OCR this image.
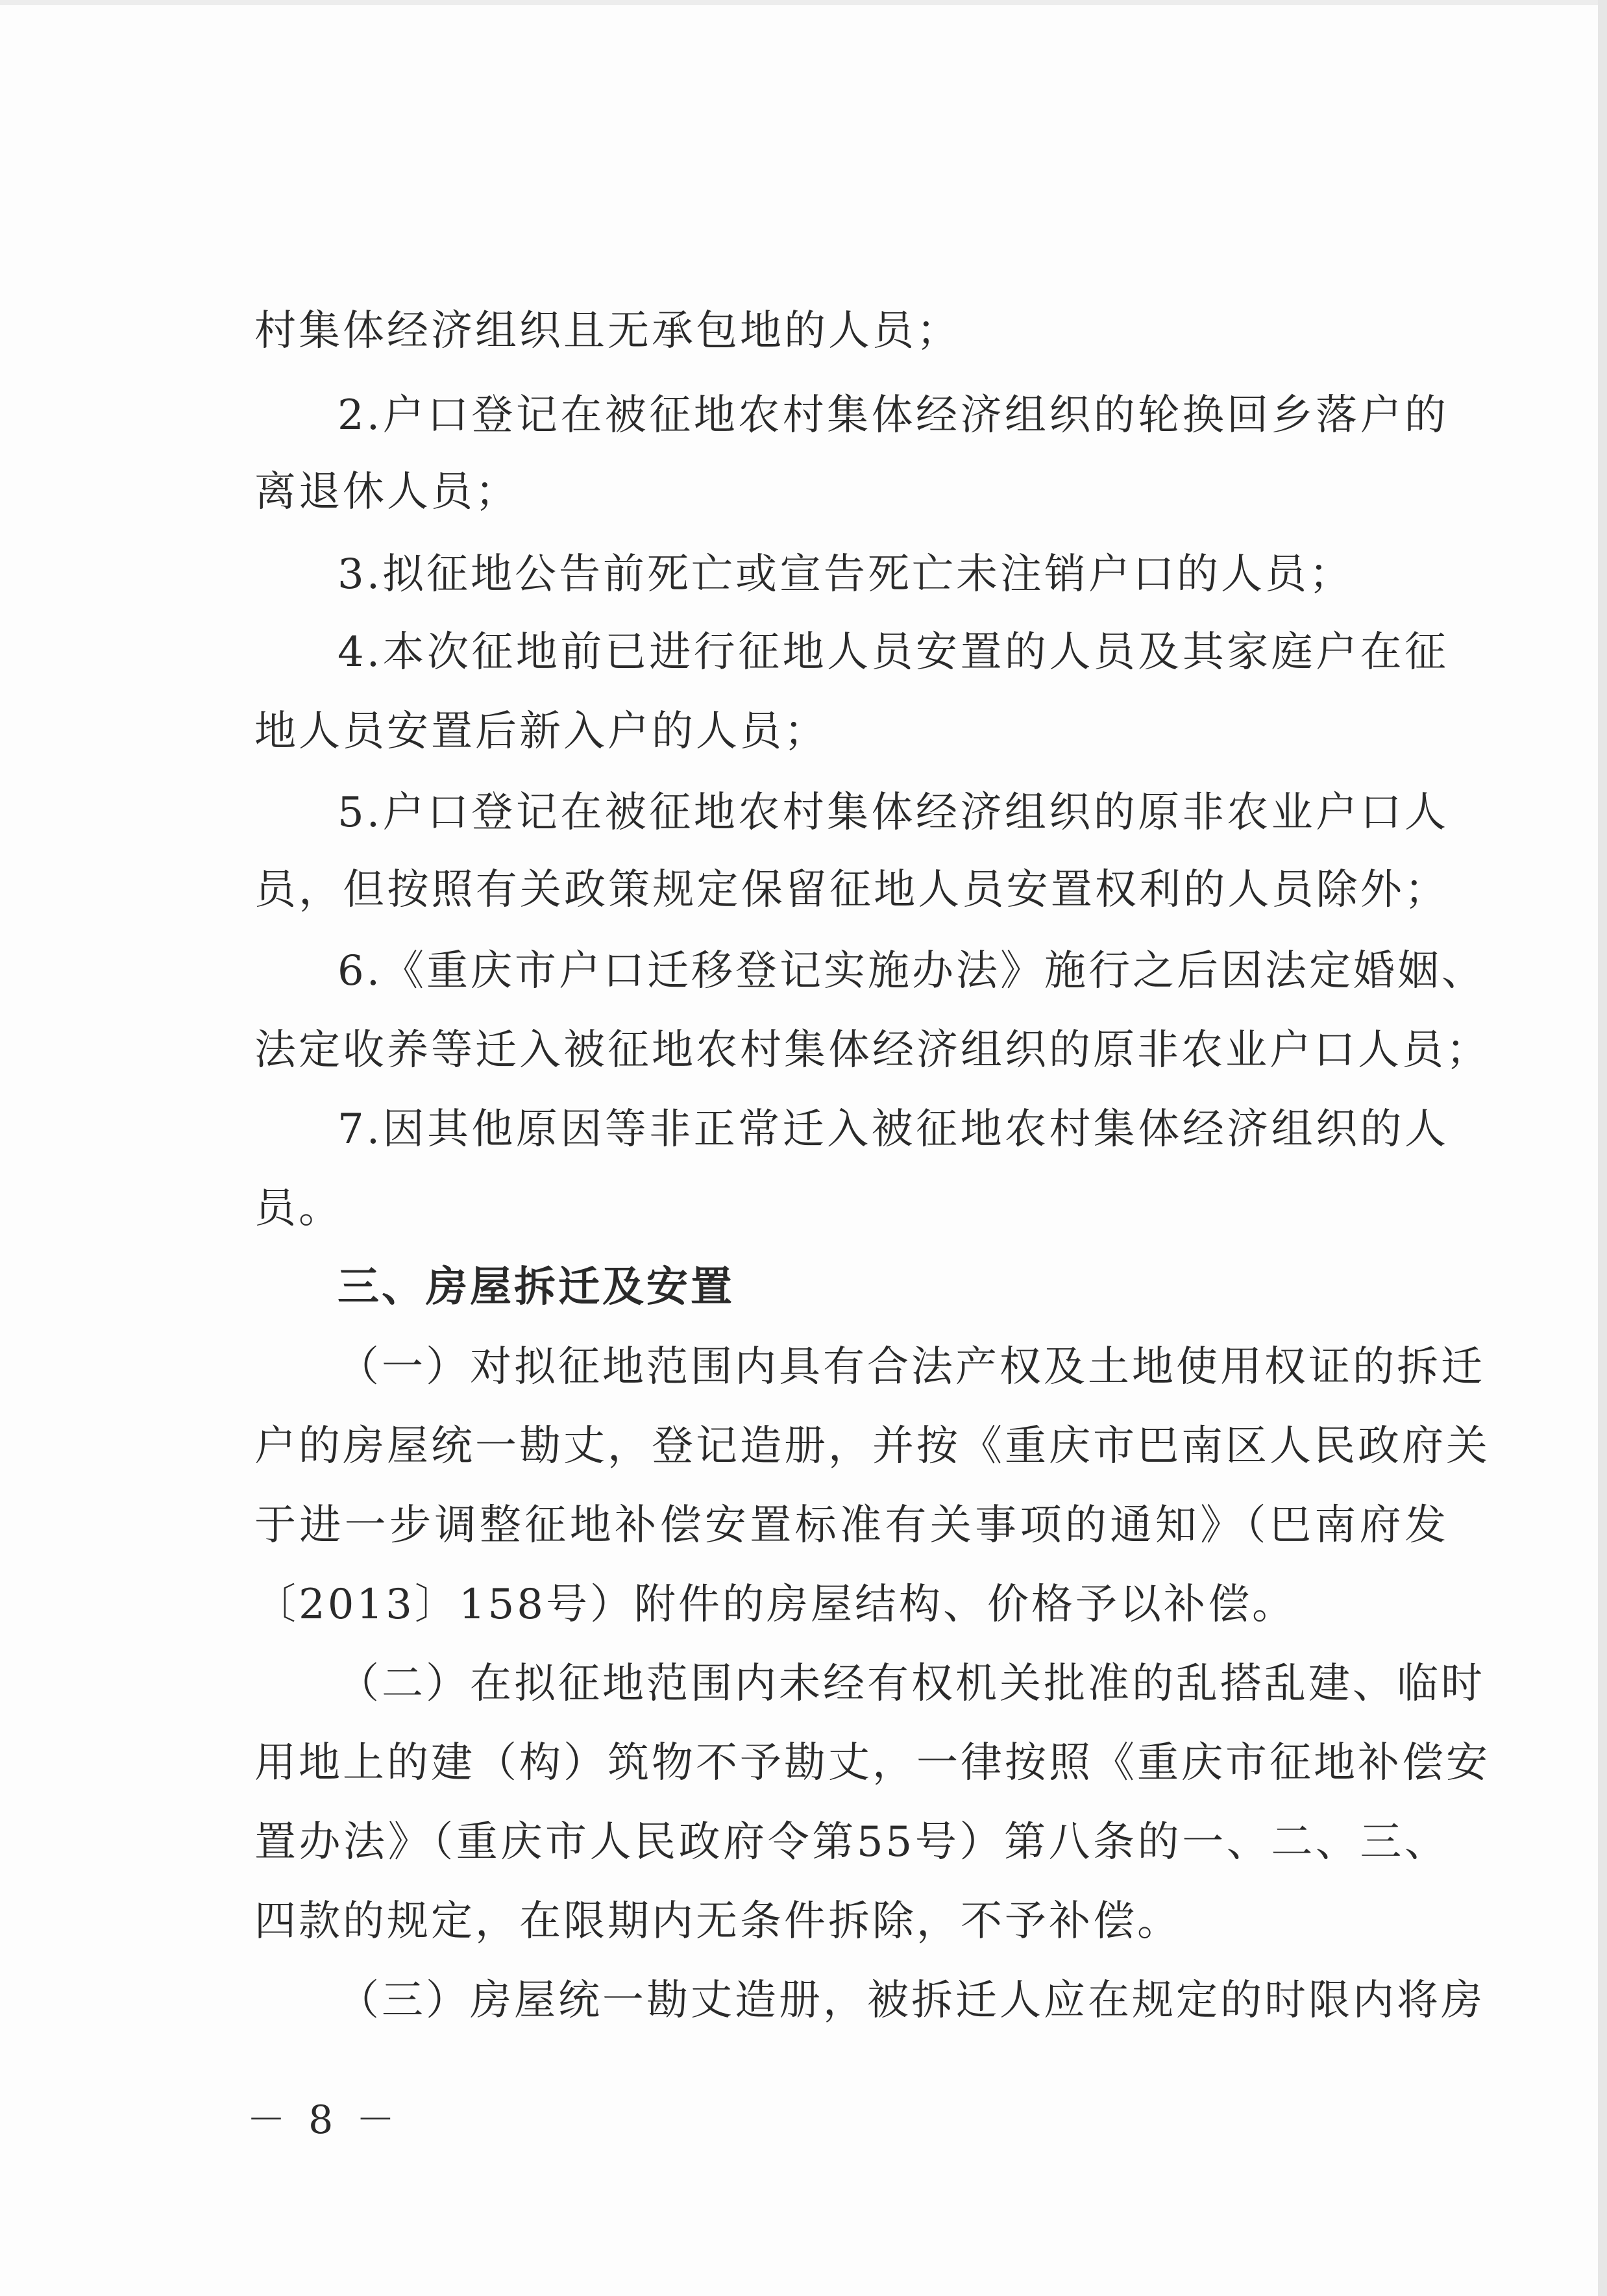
村集体经济组织且无承包地的人员；
2.户口登记在被征地农村集体经济组织的轮换回乡落户的
离退休人员；
3.拟征地公告前死亡或宣告死亡未注销户口的人员；
4.本次征地前已进行征地人员安置的人员及其家庭户在征
地人员安置后新入户的人员；
5.户口登记在被征地农村集体经济组织的原非农业户口人
员，但按照有关政策规定保留征地人员安置权利的人员除外；
6.《重庆市户口迁移登记实施办法》施行之后因法定婚姻、
法定收养等迁入被征地农村集体经济组织的原非农业户口人员；
7.因其他原因等非正常迁入被征地农村集体经济组织的人
员。
三、房屋拆迁及安置
（一）对拟征地范围内具有合法产权及土地使用权证的拆迁
户的房屋统一勘丈，登记造册，并按《重庆市巴南区人民政府关
于进一步调整征地补偿安置标准有关事项的通知》（巴南府发
〔2013〕158号）附件的房屋结构、价格予以补偿。
（二）在拟征地范围内未经有权机关批准的乱搭乱建、临时
用地上的建（构）筑物不予勘丈，一律按照《重庆市征地补偿安
置办法》（重庆市人民政府令第55号）第八条的一、二、三、
四款的规定，在限期内无条件拆除，不予补偿。
（三）房屋统一勘丈造册，被拆迁人应在规定的时限内将房
－ 8 －
